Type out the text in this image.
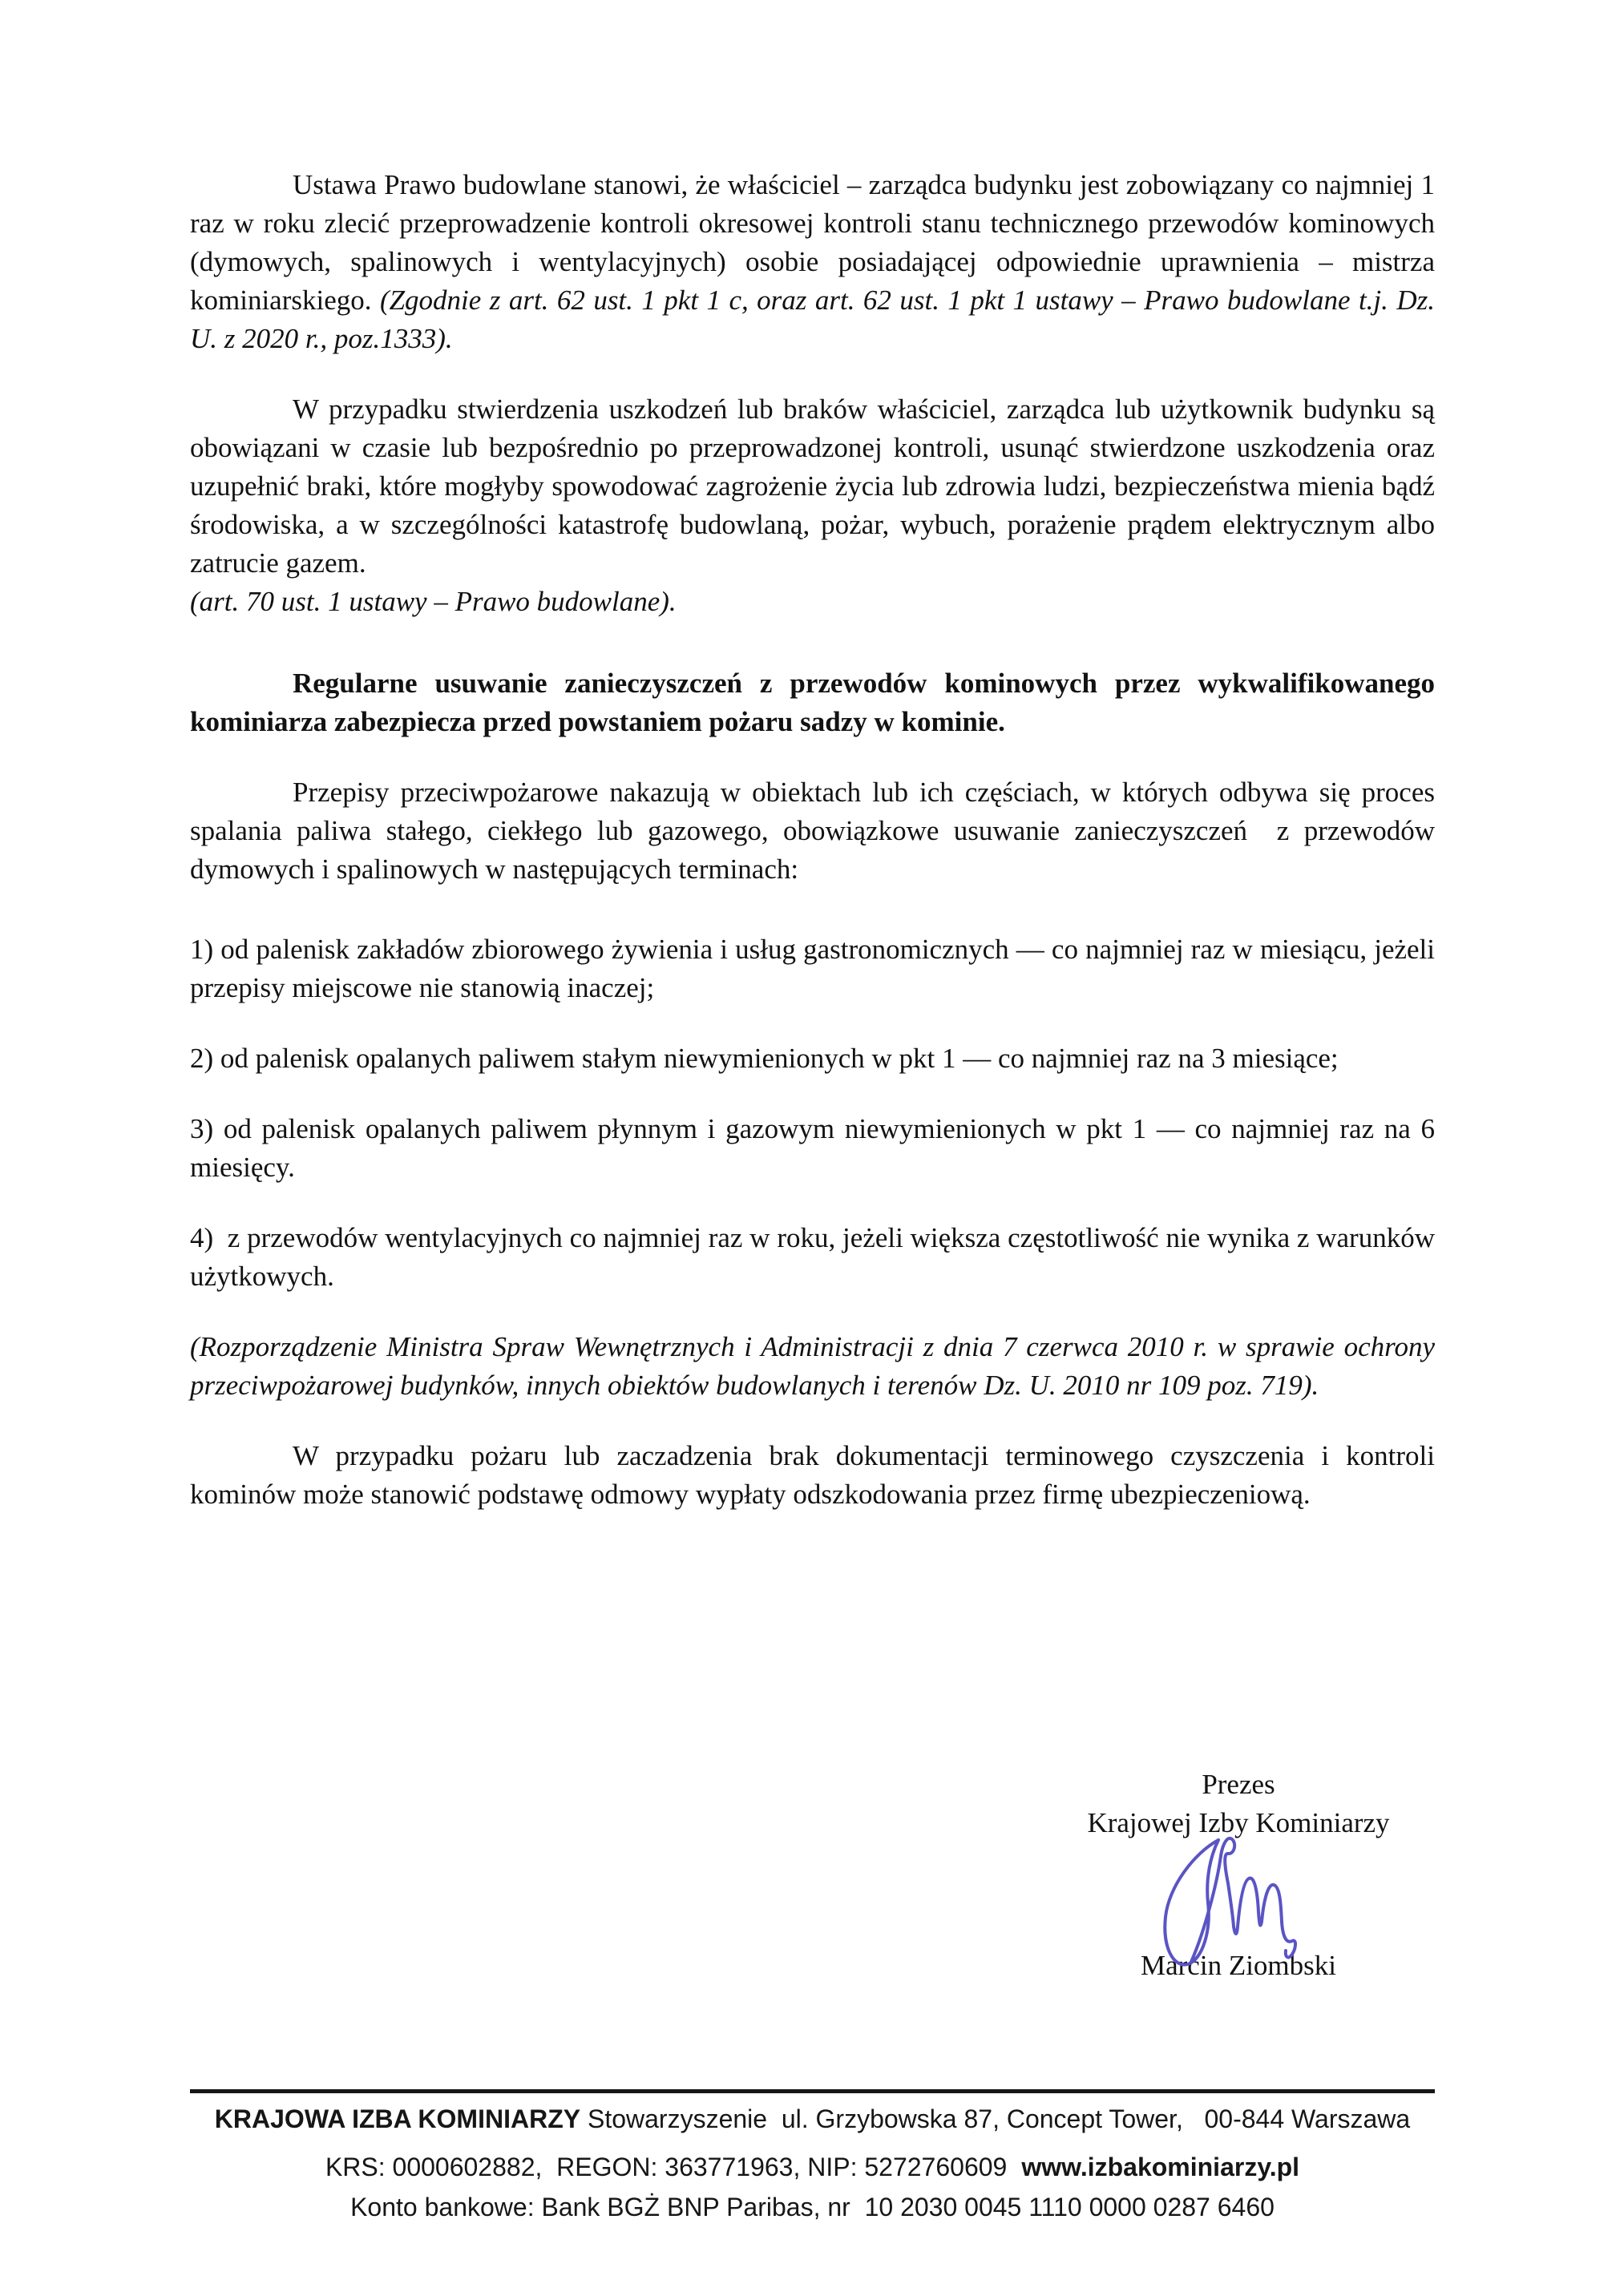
Ustawa Prawo budowlane stanowi, że właściciel – zarządca budynku jest zobowiązany co najmniej 1 raz w roku zlecić przeprowadzenie kontroli okresowej kontroli stanu technicznego przewodów kominowych (dymowych, spalinowych i wentylacyjnych) osobie posiadającej odpowiednie uprawnienia – mistrza kominiarskiego. (Zgodnie z art. 62 ust. 1 pkt 1 c, oraz art. 62 ust. 1 pkt 1 ustawy – Prawo budowlane t.j. Dz. U. z 2020 r., poz.1333).

W przypadku stwierdzenia uszkodzeń lub braków właściciel, zarządca lub użytkownik budynku są obowiązani w czasie lub bezpośrednio po przeprowadzonej kontroli, usunąć stwierdzone uszkodzenia oraz uzupełnić braki, które mogłyby spowodować zagrożenie życia lub zdrowia ludzi, bezpieczeństwa mienia bądź środowiska, a w szczególności katastrofę budowlaną, pożar, wybuch, porażenie prądem elektrycznym albo zatrucie gazem.
(art. 70 ust. 1 ustawy – Prawo budowlane).

Regularne usuwanie zanieczyszczeń z przewodów kominowych przez wykwalifikowanego kominiarza zabezpiecza przed powstaniem pożaru sadzy w kominie.

Przepisy przeciwpożarowe nakazują w obiektach lub ich częściach, w których odbywa się proces spalania paliwa stałego, ciekłego lub gazowego, obowiązkowe usuwanie zanieczyszczeń  z przewodów dymowych i spalinowych w następujących terminach:

1) od palenisk zakładów zbiorowego żywienia i usług gastronomicznych — co najmniej raz w miesiącu, jeżeli przepisy miejscowe nie stanowią inaczej;

2) od palenisk opalanych paliwem stałym niewymienionych w pkt 1 — co najmniej raz na 3 miesiące;

3) od palenisk opalanych paliwem płynnym i gazowym niewymienionych w pkt 1 — co najmniej raz na 6 miesięcy.

4)  z przewodów wentylacyjnych co najmniej raz w roku, jeżeli większa częstotliwość nie wynika z warunków użytkowych.

(Rozporządzenie Ministra Spraw Wewnętrznych i Administracji z dnia 7 czerwca 2010 r. w sprawie ochrony przeciwpożarowej budynków, innych obiektów budowlanych i terenów Dz. U. 2010 nr 109 poz. 719).

W przypadku pożaru lub zaczadzenia brak dokumentacji terminowego czyszczenia i kontroli kominów może stanowić podstawę odmowy wypłaty odszkodowania przez firmę ubezpieczeniową.

Prezes
Krajowej Izby Kominiarzy
Marcin Ziombski
KRAJOWA IZBA KOMINIARZY Stowarzyszenie  ul. Grzybowska 87, Concept Tower,   00-844 Warszawa
KRS: 0000602882,  REGON: 363771963, NIP: 5272760609 www.izbakominiarzy.pl
Konto bankowe: Bank BGŻ BNP Paribas, nr  10 2030 0045 1110 0000 0287 6460
